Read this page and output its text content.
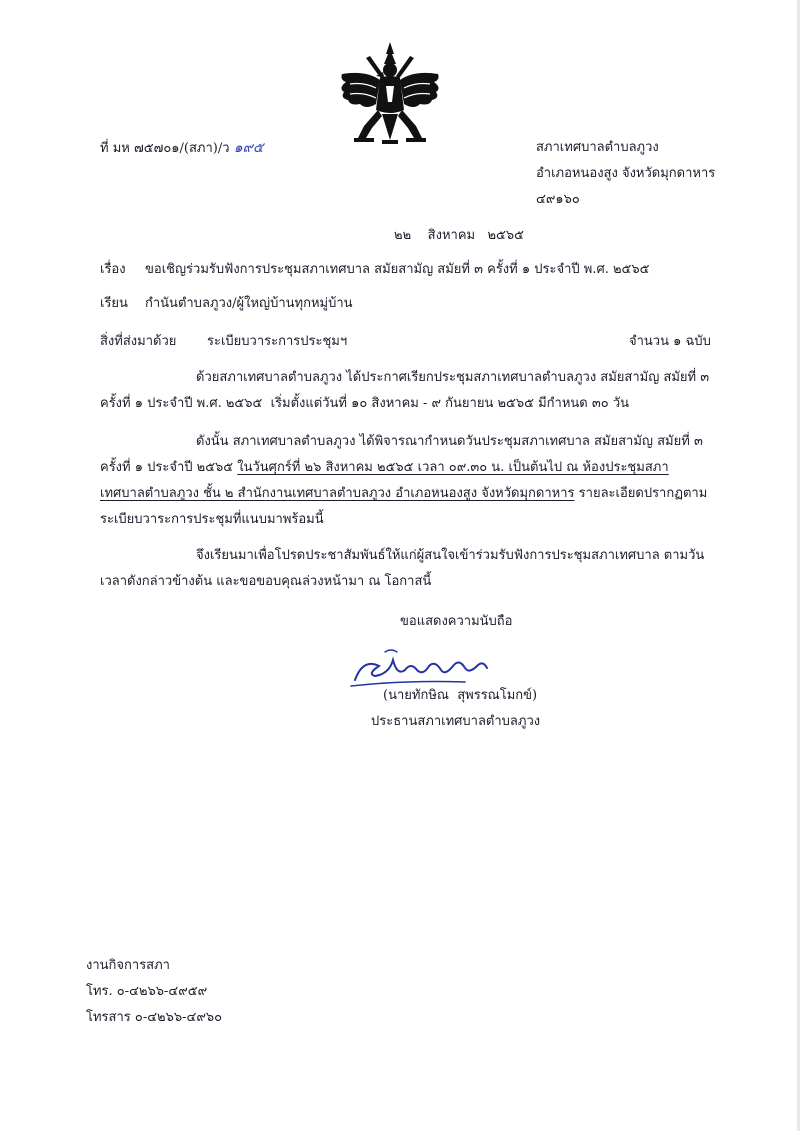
ที่ มห ๗๕๗๐๑/(สภา)/ว ๑๙๕	สภาเทศบาลตำบลภูวง
อำเภอหนองสูง จังหวัดมุกดาหาร
๔๙๑๖๐
๒๒    สิงหาคม   ๒๕๖๕
เรื่อง ขอเชิญร่วมรับฟังการประชุมสภาเทศบาล สมัยสามัญ สมัยที่ ๓ ครั้งที่ ๑ ประจำปี พ.ศ. ๒๕๖๕
เรียน กำนันตำบลภูวง/ผู้ใหญ่บ้านทุกหมู่บ้าน
สิ่งที่ส่งมาด้วย ระเบียบวาระการประชุมฯ	จำนวน ๑ ฉบับ
ด้วยสภาเทศบาลตำบลภูวง ได้ประกาศเรียกประชุมสภาเทศบาลตำบลภูวง สมัยสามัญ สมัยที่ ๓
ครั้งที่ ๑ ประจำปี พ.ศ. ๒๕๖๕  เริ่มตั้งแต่วันที่ ๑๐ สิงหาคม - ๙ กันยายน ๒๕๖๕ มีกำหนด ๓๐ วัน
ดังนั้น สภาเทศบาลตำบลภูวง ได้พิจารณากำหนดวันประชุมสภาเทศบาล สมัยสามัญ สมัยที่ ๓
ครั้งที่ ๑ ประจำปี ๒๕๖๕ ในวันศุกร์ที่ ๒๖ สิงหาคม ๒๕๖๕ เวลา ๐๙.๓๐ น. เป็นต้นไป ณ ห้องประชุมสภา
เทศบาลตำบลภูวง ชั้น ๒ สำนักงานเทศบาลตำบลภูวง อำเภอหนองสูง จังหวัดมุกดาหาร รายละเอียดปรากฏตาม
ระเบียบวาระการประชุมที่แนบมาพร้อมนี้
จึงเรียนมาเพื่อโปรดประชาสัมพันธ์ให้แก่ผู้สนใจเข้าร่วมรับฟังการประชุมสภาเทศบาล ตามวัน
เวลาดังกล่าวข้างต้น และขอขอบคุณล่วงหน้ามา ณ โอกาสนี้
ขอแสดงความนับถือ
(นายทักษิณ  สุพรรณโมกข์)
ประธานสภาเทศบาลตำบลภูวง
งานกิจการสภา
โทร. ๐-๔๒๖๖-๔๙๕๙
โทรสาร ๐-๔๒๖๖-๔๙๖๐
